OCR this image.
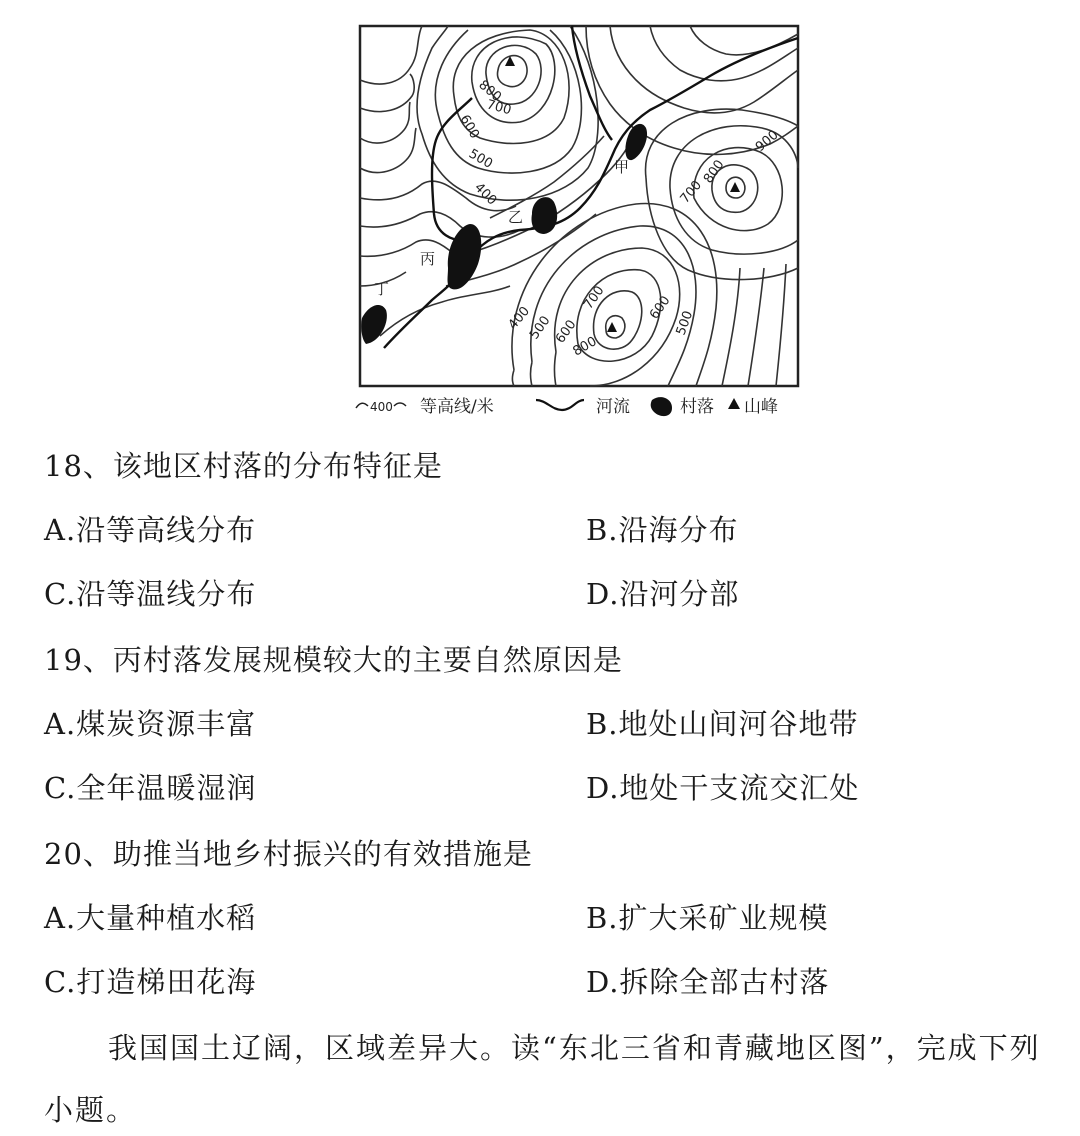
800
700
600
500
400
900
800
700
400
500 600
700
800
600
500
甲
乙
丙
丁
400 等高线/米	河流	村落 山峰
18、该地区村落的分布特征是
A.沿等高线分布	B.沿海分布
C.沿等温线分布	D.沿河分部
19、丙村落发展规模较大的主要自然原因是
A.煤炭资源丰富	B.地处山间河谷地带
C.全年温暖湿润	D.地处干支流交汇处
20、助推当地乡村振兴的有效措施是
A.大量种植水稻	B.扩大采矿业规模
C.打造梯田花海	D.拆除全部古村落
我国国土辽阔，区域差异大。读“东北三省和青藏地区图”，完成下列
小题。
